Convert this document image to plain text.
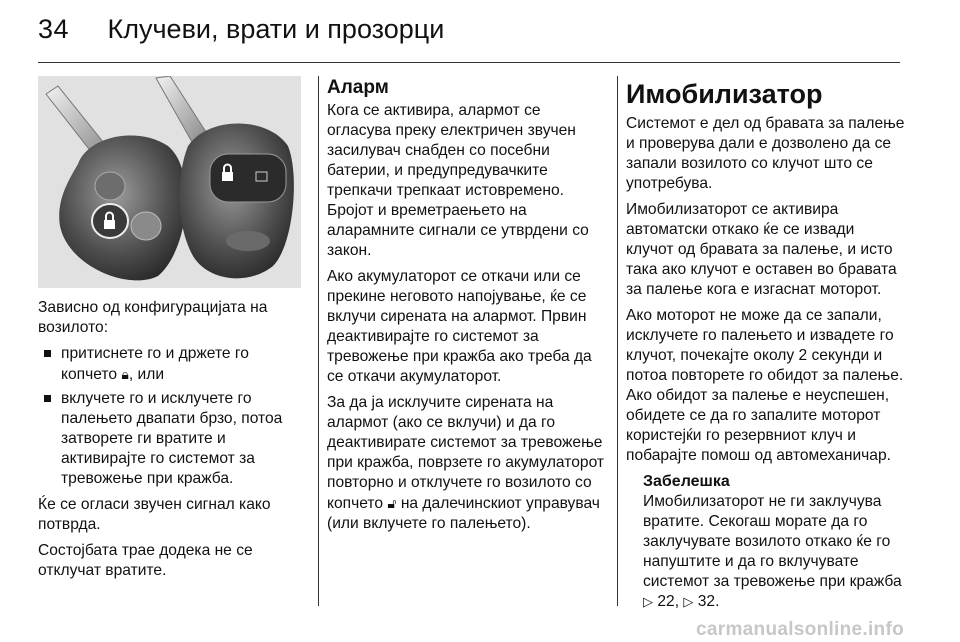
34 Клучеви, врати и прозорци

Зависно од конфигурацијата на возилото:

притиснете го и држете го копчето 🔒︎, или
вклучете го и исклучете го палењето двапати брзо, потоа затворете ги вратите и активирајте го системот за тревожење при кражба.

Ќе се огласи звучен сигнал како потврда.

Состојбата трае додека не се отклучат вратите.

Аларм

Кога се активира, алармот се огласува преку електричен звучен засилувач снабден со посебни батерии, и предупредувачките трепкачи трепкаат истовремено. Бројот и времетраењето на аларамните сигнали се утврдени со закон.

Ако акумулаторот се откачи или се прекине неговото напојување, ќе се вклучи сирената на алармот. Првин деактивирајте го системот за тревожење при кражба ако треба да се откачи акумулаторот.

За да ја исклучите сирената на алармот (ако се вклучи) и да го деактивирате системот за тревожење при кражба, поврзете го акумулаторот повторно и отклучете го возилото со копчето 🔓︎ на далечинскиот управувач (или вклучете го палењето).

Имобилизатор

Системот е дел од бравата за палење и проверува дали е дозволено да се запали возилото со клучот што се употребува.

Имобилизаторот се активира автоматски откако ќе се извади клучот од бравата за палење, и исто така ако клучот е оставен во бравата за палење кога е изгаснат моторот.

Ако моторот не може да се запали, исклучете го палењето и извадете го клучот, почекајте околу 2 секунди и потоа повторете го обидот за палење. Ако обидот за палење е неуспешен, обидете се да го запалите моторот користејќи го резервниот клуч и побарајте помош од автомеханичар.

Забелешка
Имобилизаторот не ги заклучува вратите. Секогаш морате да го заклучувате возилото откако ќе го напуштите и да го вклучувате системот за тревожење при кражба ▷ 22, ▷ 32.
carmanualsonline.info
